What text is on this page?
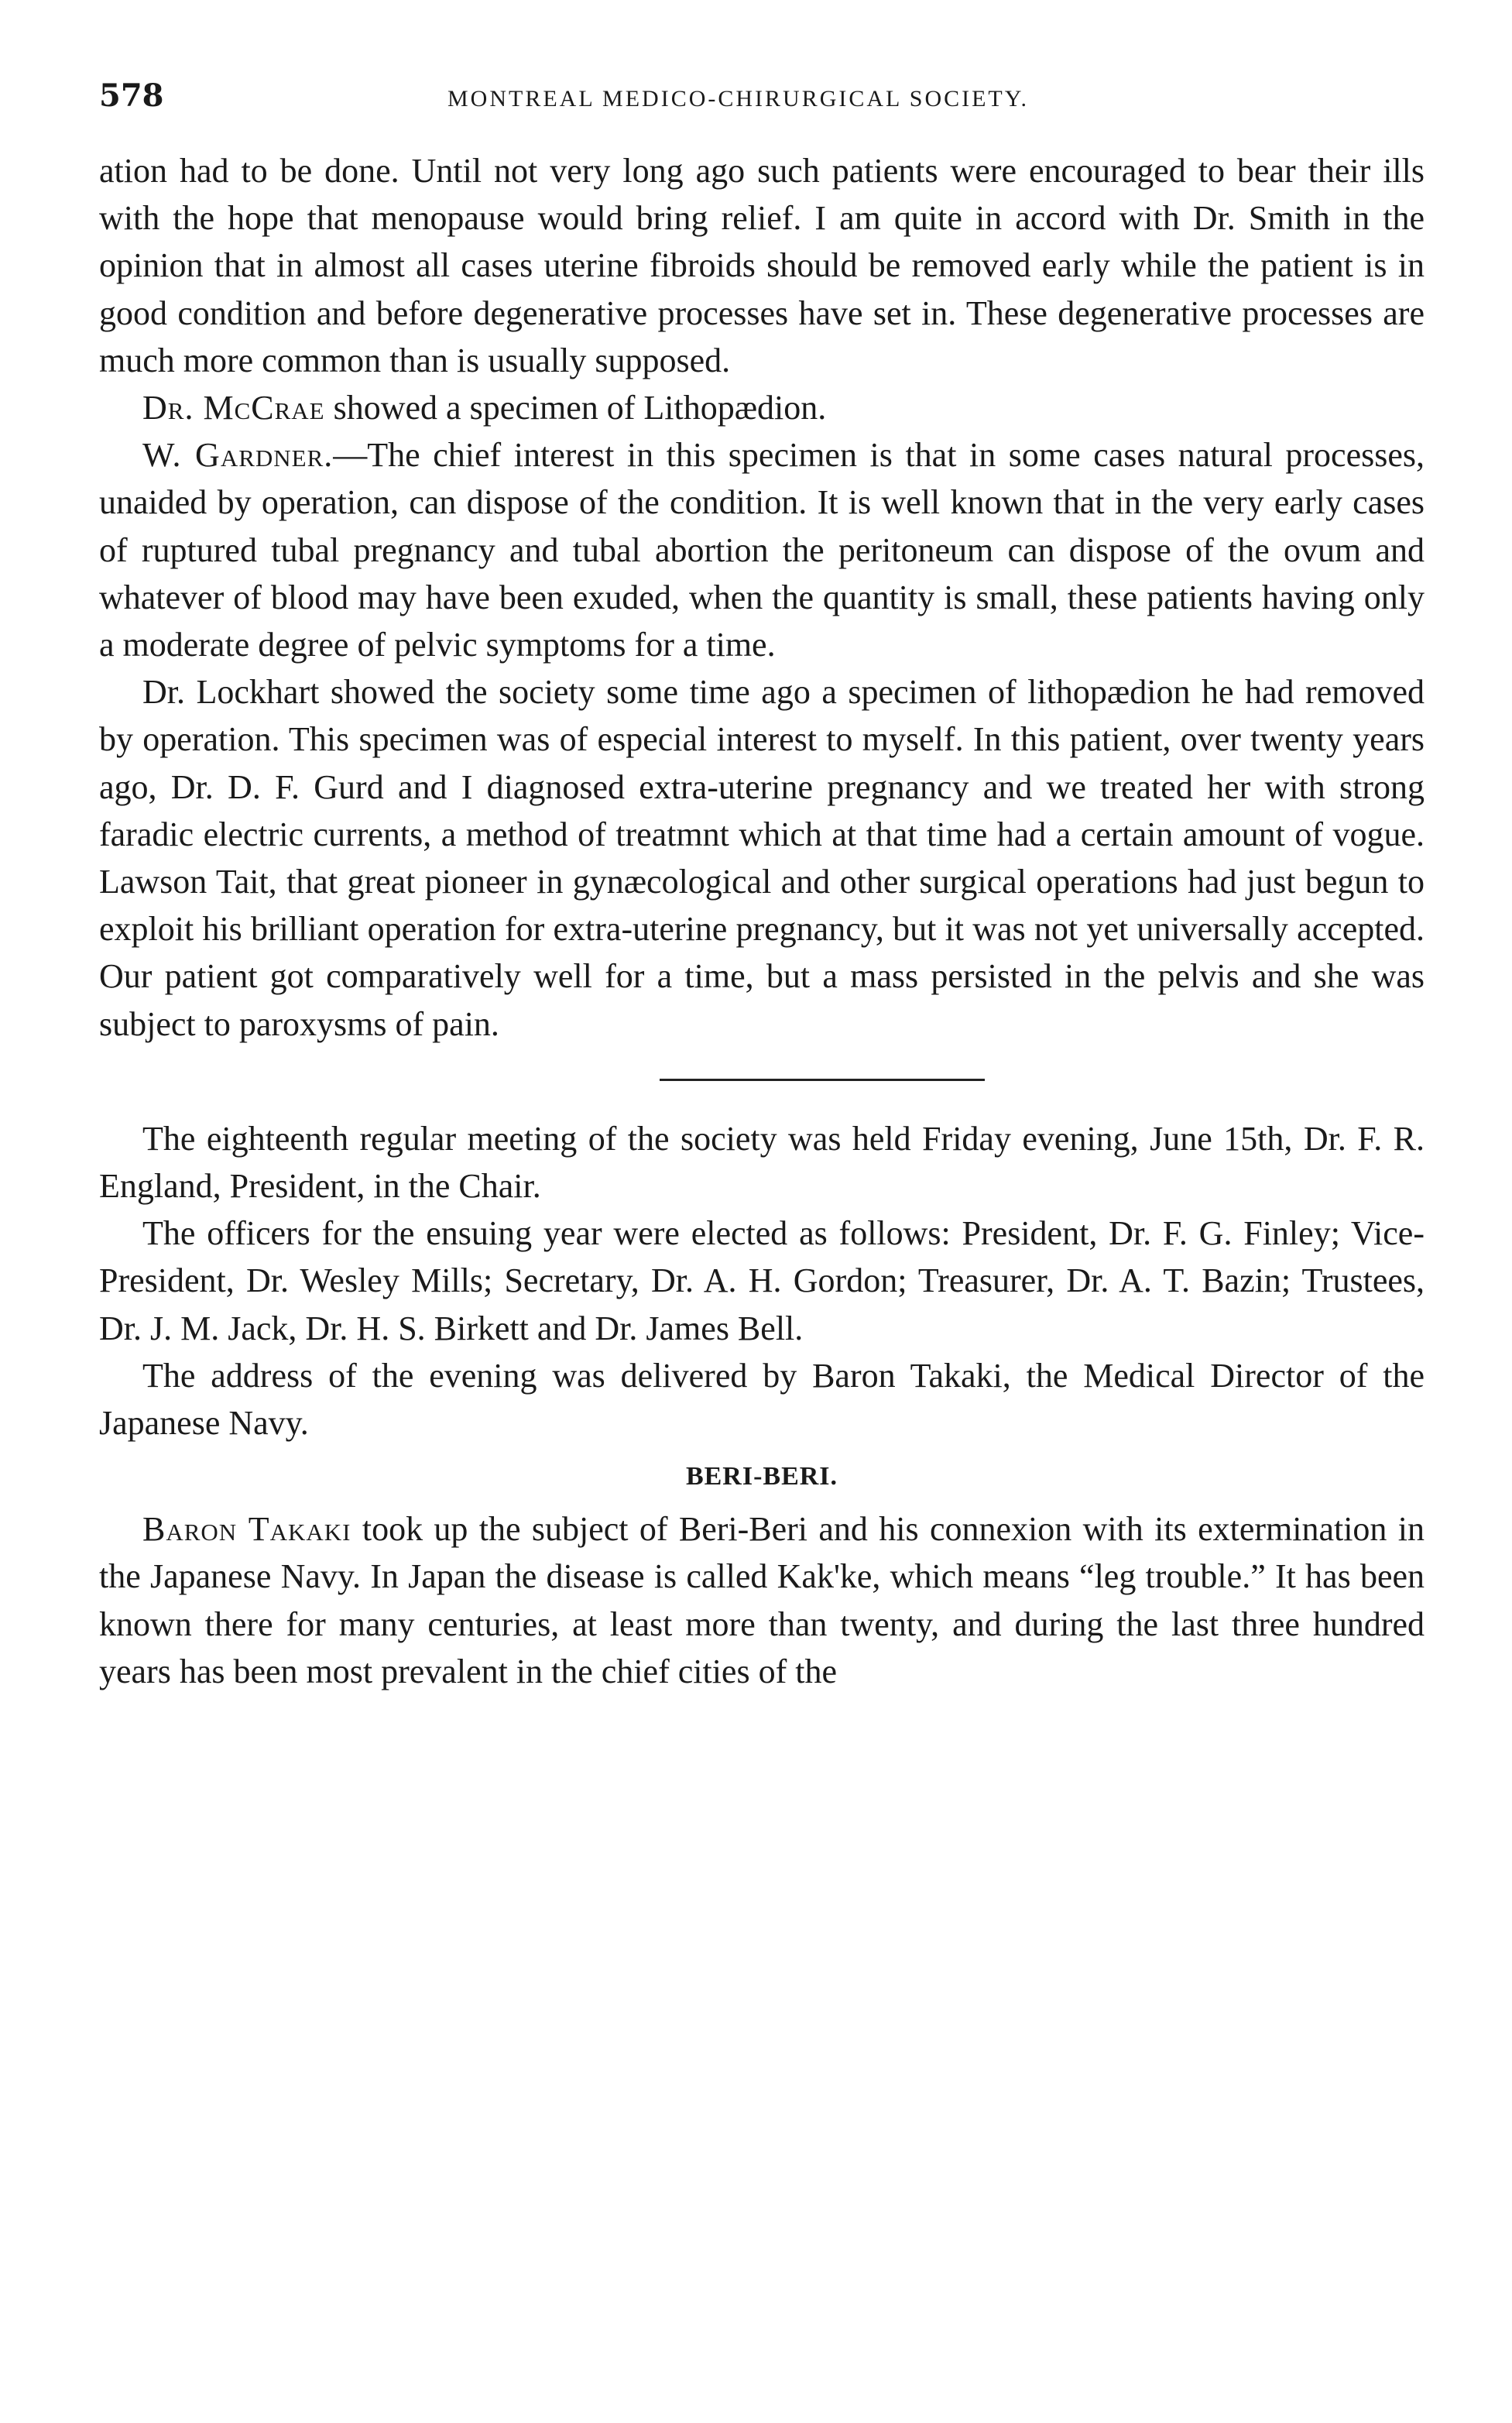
578	MONTREAL MEDICO-CHIRURGICAL SOCIETY.

ation had to be done. Until not very long ago such patients were encouraged to bear their ills with the hope that menopause would bring relief. I am quite in accord with Dr. Smith in the opinion that in almost all cases uterine fibroids should be removed early while the patient is in good condition and before degenerative processes have set in. These degenerative processes are much more common than is usually supposed.

Dr. McCrae showed a specimen of Lithopædion.

W. Gardner.—The chief interest in this specimen is that in some cases natural processes, unaided by operation, can dispose of the condition. It is well known that in the very early cases of ruptured tubal pregnancy and tubal abortion the peritoneum can dispose of the ovum and whatever of blood may have been exuded, when the quantity is small, these patients having only a moderate degree of pelvic symptoms for a time.

Dr. Lockhart showed the society some time ago a specimen of lithopædion he had removed by operation. This specimen was of especial interest to myself. In this patient, over twenty years ago, Dr. D. F. Gurd and I diagnosed extra-uterine pregnancy and we treated her with strong faradic electric currents, a method of treatmnt which at that time had a certain amount of vogue. Lawson Tait, that great pioneer in gynæcological and other surgical operations had just begun to exploit his brilliant operation for extra-uterine pregnancy, but it was not yet universally accepted. Our patient got comparatively well for a time, but a mass persisted in the pelvis and she was subject to paroxysms of pain.

The eighteenth regular meeting of the society was held Friday evening, June 15th, Dr. F. R. England, President, in the Chair.

The officers for the ensuing year were elected as follows: President, Dr. F. G. Finley; Vice-President, Dr. Wesley Mills; Secretary, Dr. A. H. Gordon; Treasurer, Dr. A. T. Bazin; Trustees, Dr. J. M. Jack, Dr. H. S. Birkett and Dr. James Bell.

The address of the evening was delivered by Baron Takaki, the Medical Director of the Japanese Navy.

BERI-BERI.

Baron Takaki took up the subject of Beri-Beri and his connexion with its extermination in the Japanese Navy. In Japan the disease is called Kak'ke, which means “leg trouble.” It has been known there for many centuries, at least more than twenty, and during the last three hundred years has been most prevalent in the chief cities of the
